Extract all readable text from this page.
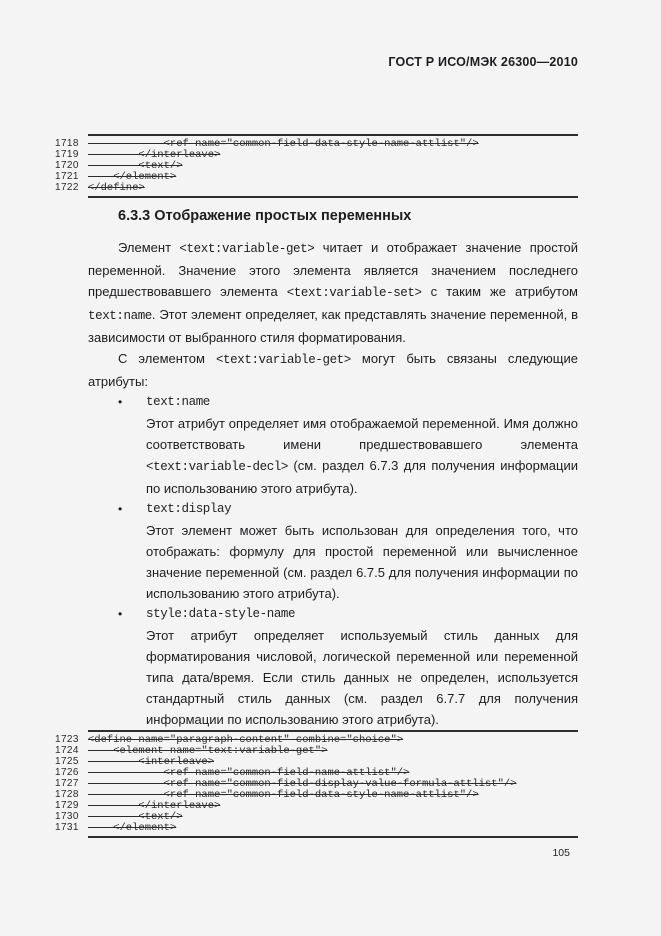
ГОСТ Р ИСО/МЭК 26300—2010
1718 <ref name="common-field-data-style-name-attlist"/>
1719 </interleave>
1720 <text/>
1721 </element>
1722 </define>
6.3.3 Отображение простых переменных

Элемент <text:variable-get> читает и отображает значение простой переменной. Значение этого элемента является значением последнего предшествовавшего элемента <text:variable-set> с таким же атрибутом text:name. Этот элемент определяет, как представлять значение переменной, в зависимости от выбранного стиля форматирования.

С элементом <text:variable-get> могут быть связаны следующие атрибуты:

• text:name

Этот атрибут определяет имя отображаемой переменной. Имя должно соответствовать имени предшествовавшего элемента <text:variable-decl> (см. раздел 6.7.3 для получения информации по использованию этого атрибута).

• text:display

Этот элемент может быть использован для определения того, что отображать: формулу для простой переменной или вычисленное значение переменной (см. раздел 6.7.5 для получения информации по использованию этого атрибута).

• style:data-style-name

Этот атрибут определяет используемый стиль данных для форматирования числовой, логической переменной или переменной типа дата/время. Если стиль данных не определен, используется стандартный стиль данных (см. раздел 6.7.7 для получения информации по использованию этого атрибута).

1723 <define name="paragraph-content" combine="choice">
1724 <element name="text:variable-get">
1725 <interleave>
1726 <ref name="common-field-name-attlist"/>
1727 <ref name="common-field-display-value-formula-attlist"/>
1728 <ref name="common-field-data-style-name-attlist"/>
1729 </interleave>
1730 <text/>
1731 </element>
105
